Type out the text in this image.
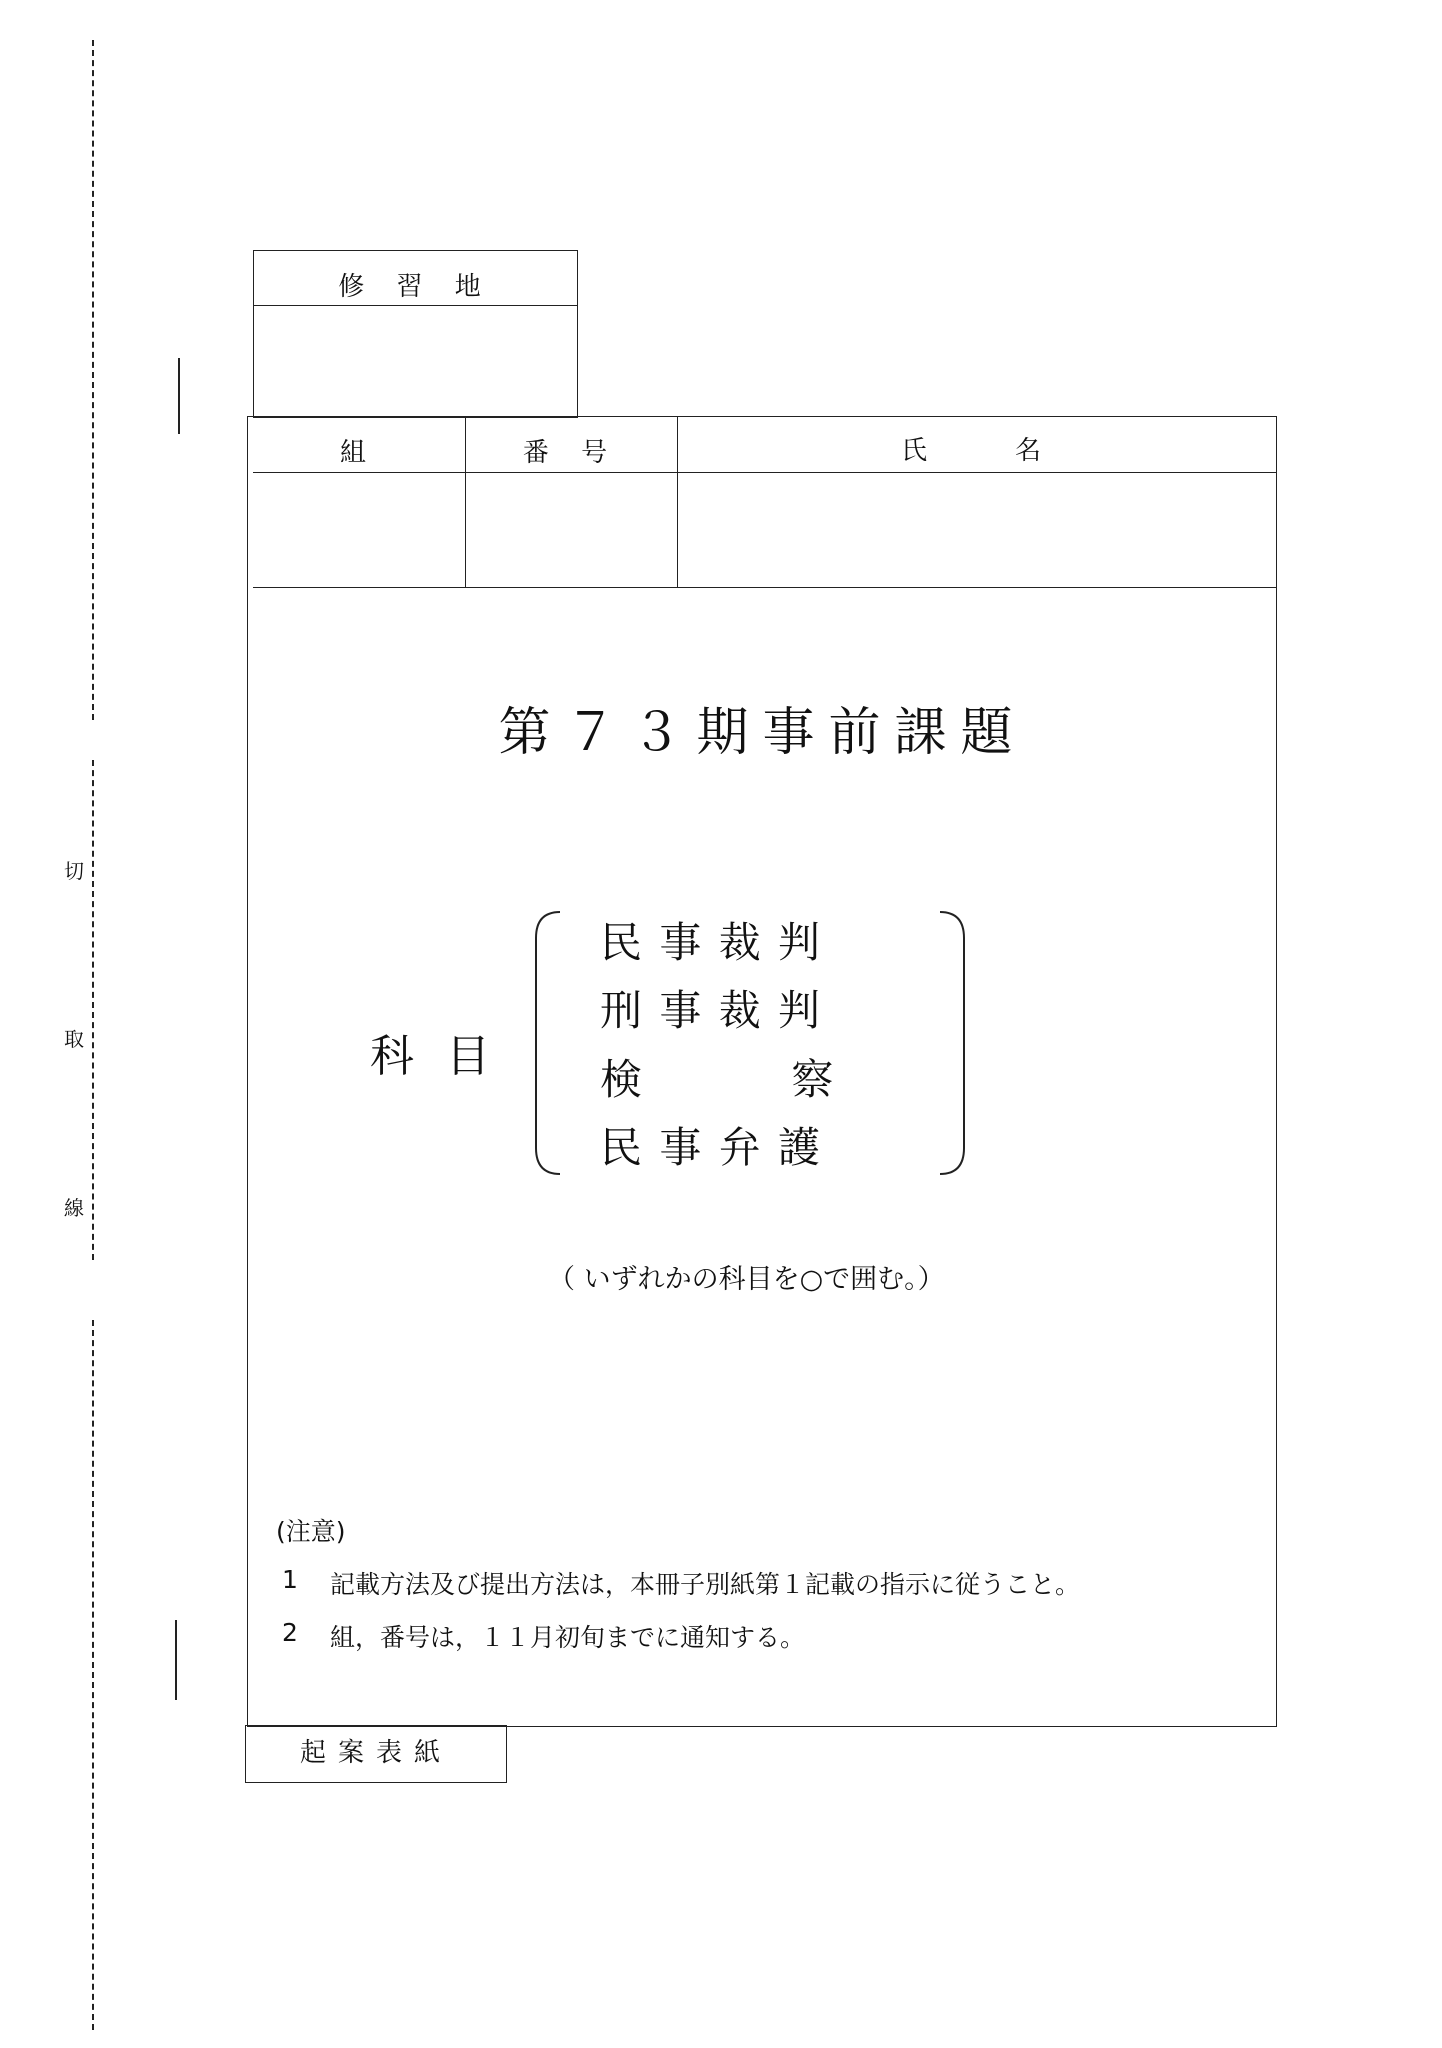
切
取
線
修 習 地
組	番 号	氏　　名
第７３期事前課題
科目
民 事 裁 判
刑 事 裁 判
検　　　 察
民 事 弁 護
（ いずれかの科目を○で囲む。）
(注意)
1 記載方法及び提出方法は，本冊子別紙第１記載の指示に従うこと。
2 組，番号は，１１月初旬までに通知する。
起案表紙
